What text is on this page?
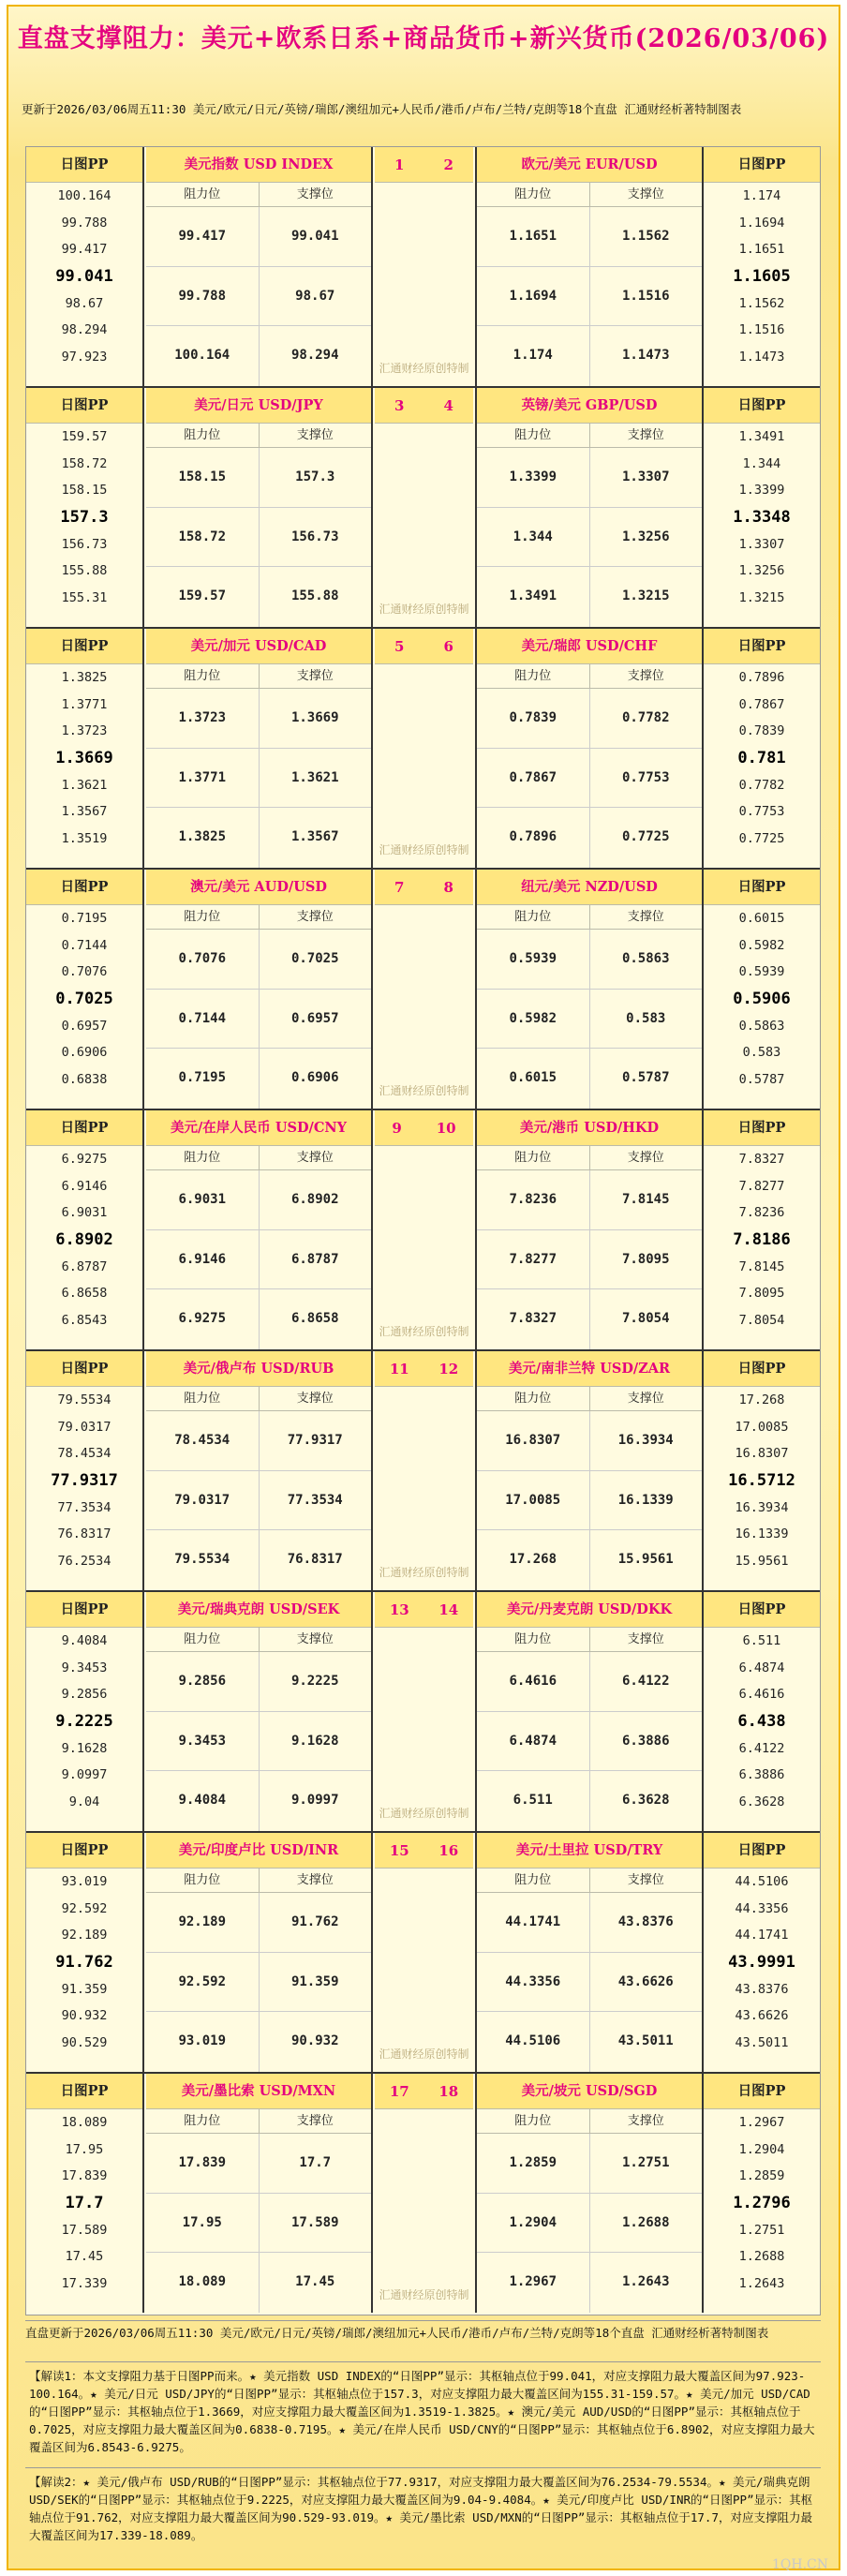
直盘支撑阻力：美元+欧系日系+商品货币+新兴货币(2026/03/06)
更新于2026/03/06周五11:30 美元/欧元/日元/英镑/瑞郎/澳纽加元+人民币/港币/卢布/兰特/克朗等18个直盘 汇通财经析著特制图表
日图PP
100.164
99.788
99.417
99.041
98.67
98.294
97.923
美元指数 USD INDEX
阻力位	支撑位
99.417	99.041
99.788	98.67
100.164	98.294
1	2
汇通财经原创特制
欧元/美元 EUR/USD
阻力位	支撑位
1.1651	1.1562
1.1694	1.1516
1.174	1.1473
日图PP
1.174
1.1694
1.1651
1.1605
1.1562
1.1516
1.1473
日图PP
159.57
158.72
158.15
157.3
156.73
155.88
155.31
美元/日元 USD/JPY
阻力位	支撑位
158.15	157.3
158.72	156.73
159.57	155.88
3	4
汇通财经原创特制
英镑/美元 GBP/USD
阻力位	支撑位
1.3399	1.3307
1.344	1.3256
1.3491	1.3215
日图PP
1.3491
1.344
1.3399
1.3348
1.3307
1.3256
1.3215
日图PP
1.3825
1.3771
1.3723
1.3669
1.3621
1.3567
1.3519
美元/加元 USD/CAD
阻力位	支撑位
1.3723	1.3669
1.3771	1.3621
1.3825	1.3567
5	6
汇通财经原创特制
美元/瑞郎 USD/CHF
阻力位	支撑位
0.7839	0.7782
0.7867	0.7753
0.7896	0.7725
日图PP
0.7896
0.7867
0.7839
0.781
0.7782
0.7753
0.7725
日图PP
0.7195
0.7144
0.7076
0.7025
0.6957
0.6906
0.6838
澳元/美元 AUD/USD
阻力位	支撑位
0.7076	0.7025
0.7144	0.6957
0.7195	0.6906
7	8
汇通财经原创特制
纽元/美元 NZD/USD
阻力位	支撑位
0.5939	0.5863
0.5982	0.583
0.6015	0.5787
日图PP
0.6015
0.5982
0.5939
0.5906
0.5863
0.583
0.5787
日图PP
6.9275
6.9146
6.9031
6.8902
6.8787
6.8658
6.8543
美元/在岸人民币 USD/CNY
阻力位	支撑位
6.9031	6.8902
6.9146	6.8787
6.9275	6.8658
9 10
汇通财经原创特制
美元/港币 USD/HKD
阻力位	支撑位
7.8236	7.8145
7.8277	7.8095
7.8327	7.8054
日图PP
7.8327
7.8277
7.8236
7.8186
7.8145
7.8095
7.8054
日图PP
79.5534
79.0317
78.4534
77.9317
77.3534
76.8317
76.2534
美元/俄卢布 USD/RUB
阻力位	支撑位
78.4534	77.9317
79.0317	77.3534
79.5534	76.8317
11 12
汇通财经原创特制
美元/南非兰特 USD/ZAR
阻力位	支撑位
16.8307	16.3934
17.0085	16.1339
17.268	15.9561
日图PP
17.268
17.0085
16.8307
16.5712
16.3934
16.1339
15.9561
日图PP
9.4084
9.3453
9.2856
9.2225
9.1628
9.0997
9.04
美元/瑞典克朗 USD/SEK
阻力位	支撑位
9.2856	9.2225
9.3453	9.1628
9.4084	9.0997
13 14
汇通财经原创特制
美元/丹麦克朗 USD/DKK
阻力位	支撑位
6.4616	6.4122
6.4874	6.3886
6.511	6.3628
日图PP
6.511
6.4874
6.4616
6.438
6.4122
6.3886
6.3628
日图PP
93.019
92.592
92.189
91.762
91.359
90.932
90.529
美元/印度卢比 USD/INR
阻力位	支撑位
92.189	91.762
92.592	91.359
93.019	90.932
15 16
汇通财经原创特制
美元/土里拉 USD/TRY
阻力位	支撑位
44.1741	43.8376
44.3356	43.6626
44.5106	43.5011
日图PP
44.5106
44.3356
44.1741
43.9991
43.8376
43.6626
43.5011
日图PP
18.089
17.95
17.839
17.7
17.589
17.45
17.339
美元/墨比索 USD/MXN
阻力位	支撑位
17.839	17.7
17.95	17.589
18.089	17.45
17 18
汇通财经原创特制
美元/坡元 USD/SGD
阻力位	支撑位
1.2859	1.2751
1.2904	1.2688
1.2967	1.2643
日图PP
1.2967
1.2904
1.2859
1.2796
1.2751
1.2688
1.2643
直盘更新于2026/03/06周五11:30 美元/欧元/日元/英镑/瑞郎/澳纽加元+人民币/港币/卢布/兰特/克朗等18个直盘 汇通财经析著特制图表
【解读1：本文支撑阻力基于日图PP而来。★ 美元指数 USD INDEX的“日图PP”显示：其枢轴点位于99.041，对应支撑阻力最大覆盖区间为97.923-100.164。★ 美元/日元 USD/JPY的“日图PP”显示：其枢轴点位于157.3，对应支撑阻力最大覆盖区间为155.31-159.57。★ 美元/加元 USD/CAD的“日图PP”显示：其枢轴点位于1.3669，对应支撑阻力最大覆盖区间为1.3519-1.3825。★ 澳元/美元 AUD/USD的“日图PP”显示：其枢轴点位于0.7025，对应支撑阻力最大覆盖区间为0.6838-0.7195。★ 美元/在岸人民币 USD/CNY的“日图PP”显示：其枢轴点位于6.8902，对应支撑阻力最大覆盖区间为6.8543-6.9275。
【解读2：★ 美元/俄卢布 USD/RUB的“日图PP”显示：其枢轴点位于77.9317，对应支撑阻力最大覆盖区间为76.2534-79.5534。★ 美元/瑞典克朗 USD/SEK的“日图PP”显示：其枢轴点位于9.2225，对应支撑阻力最大覆盖区间为9.04-9.4084。★ 美元/印度卢比 USD/INR的“日图PP”显示：其枢轴点位于91.762，对应支撑阻力最大覆盖区间为90.529-93.019。★ 美元/墨比索 USD/MXN的“日图PP”显示：其枢轴点位于17.7，对应支撑阻力最大覆盖区间为17.339-18.089。
1QH.CN
